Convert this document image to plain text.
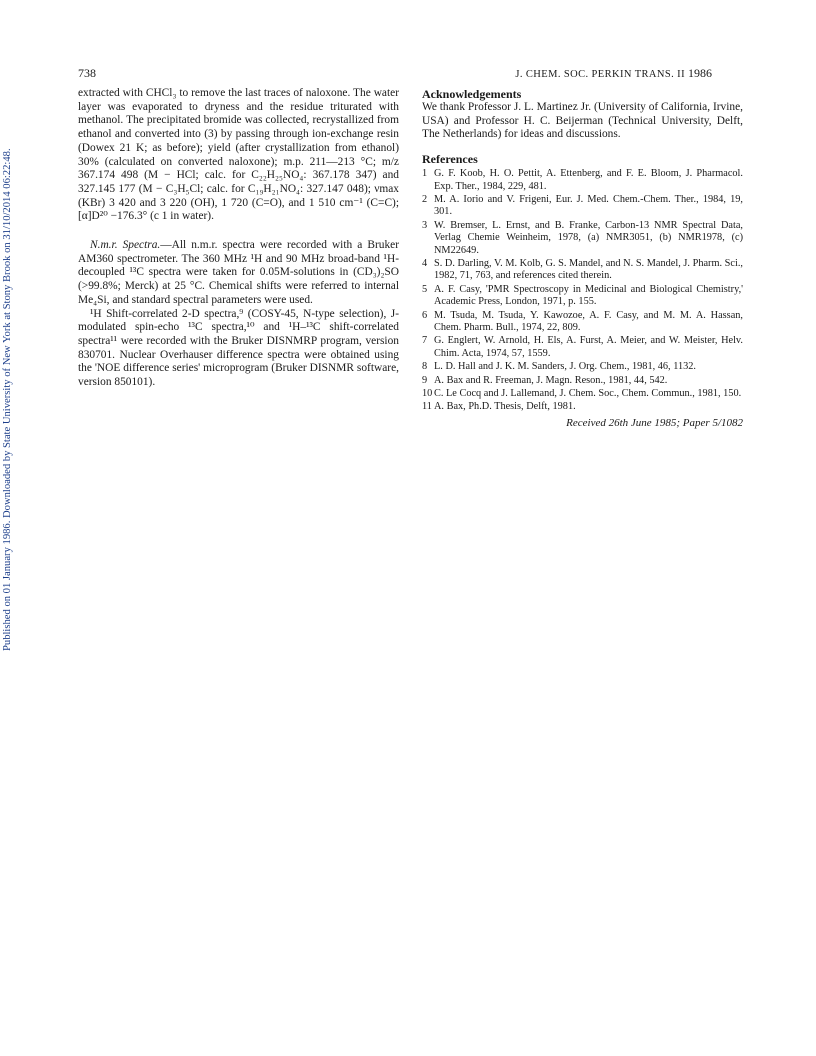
738	J. CHEM. SOC. PERKIN TRANS. II 1986
Published on 01 January 1986. Downloaded by State University of New York at Stony Brook on 31/10/2014 06:22:48.

extracted with CHCl₃ to remove the last traces of naloxone. The water layer was evaporated to dryness and the residue triturated with methanol. The precipitated bromide was collected, recrystallized from ethanol and converted into (3) by passing through ion-exchange resin (Dowex 21 K; as before); yield (after crystallization from ethanol) 30% (calculated on converted naloxone); m.p. 211—213 °C; m/z 367.174 498 (M − HCl; calc. for C₂₂H₂₅NO₄: 367.178 347) and 327.145 177 (M − C₃H₅Cl; calc. for C₁₉H₂₁NO₄: 327.147 048); νmax (KBr) 3 420 and 3 220 (OH), 1 720 (C=O), and 1 510 cm⁻¹ (C=C); [α]D²⁰ −176.3° (c 1 in water).

N.m.r. Spectra.—All n.m.r. spectra were recorded with a Bruker AM360 spectrometer. The 360 MHz ¹H and 90 MHz broad-band ¹H-decoupled ¹³C spectra were taken for 0.05M-solutions in (CD₃)₂SO (>99.8%; Merck) at 25 °C. Chemical shifts were referred to internal Me₄Si, and standard spectral parameters were used.

¹H Shift-correlated 2-D spectra,⁹ (COSY-45, N-type selection), J-modulated spin-echo ¹³C spectra,¹⁰ and ¹H–¹³C shift-correlated spectra¹¹ were recorded with the Bruker DISNMRP program, version 830701. Nuclear Overhauser difference spectra were obtained using the 'NOE difference series' microprogram (Bruker DISNMR software, version 850101).

Acknowledgements

We thank Professor J. L. Martinez Jr. (University of California, Irvine, USA) and Professor H. C. Beijerman (Technical University, Delft, The Netherlands) for ideas and discussions.

References
1 G. F. Koob, H. O. Pettit, A. Ettenberg, and F. E. Bloom, J. Pharmacol. Exp. Ther., 1984, 229, 481.
2 M. A. Iorio and V. Frigeni, Eur. J. Med. Chem.-Chem. Ther., 1984, 19, 301.
3 W. Bremser, L. Ernst, and B. Franke, Carbon-13 NMR Spectral Data, Verlag Chemie Weinheim, 1978, (a) NMR3051, (b) NMR1978, (c) NM22649.
4 S. D. Darling, V. M. Kolb, G. S. Mandel, and N. S. Mandel, J. Pharm. Sci., 1982, 71, 763, and references cited therein.
5 A. F. Casy, 'PMR Spectroscopy in Medicinal and Biological Chemistry,' Academic Press, London, 1971, p. 155.
6 M. Tsuda, M. Tsuda, Y. Kawozoe, A. F. Casy, and M. M. A. Hassan, Chem. Pharm. Bull., 1974, 22, 809.
7 G. Englert, W. Arnold, H. Els, A. Furst, A. Meier, and W. Meister, Helv. Chim. Acta, 1974, 57, 1559.
8 L. D. Hall and J. K. M. Sanders, J. Org. Chem., 1981, 46, 1132.
9 A. Bax and R. Freeman, J. Magn. Reson., 1981, 44, 542.
10 C. Le Cocq and J. Lallemand, J. Chem. Soc., Chem. Commun., 1981, 150.
11 A. Bax, Ph.D. Thesis, Delft, 1981.
Received 26th June 1985; Paper 5/1082
